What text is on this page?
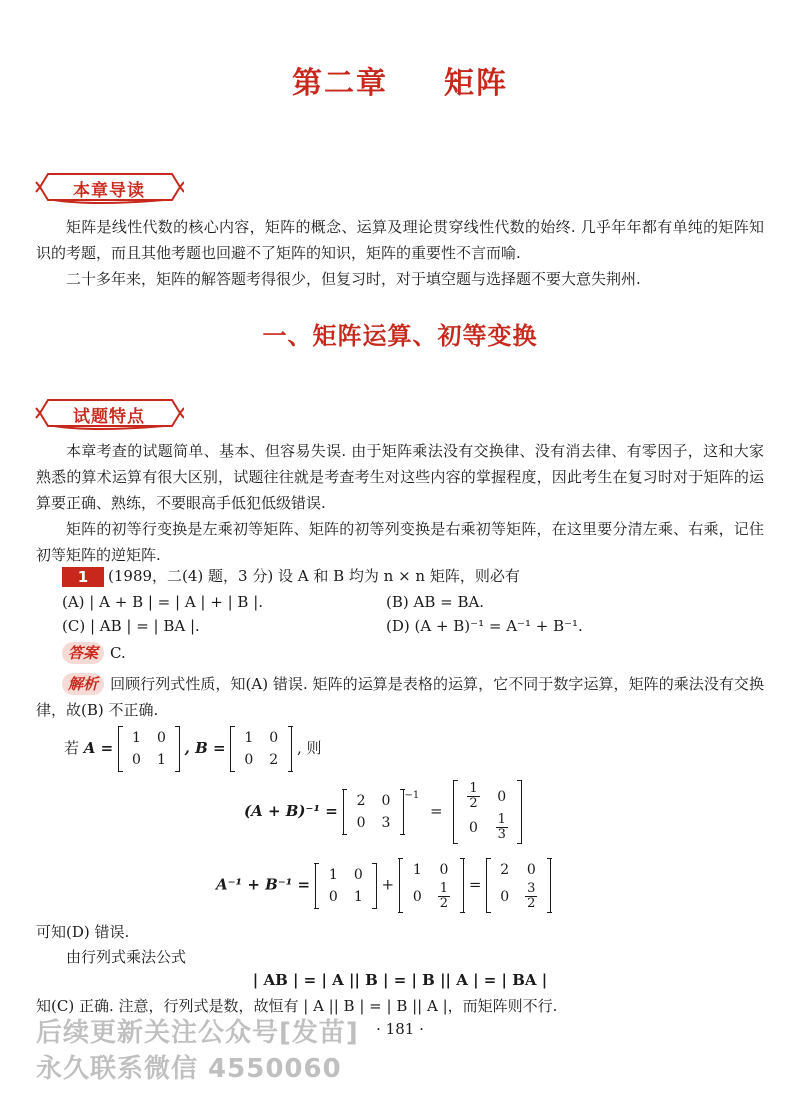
第二章 矩阵
本章导读
矩阵是线性代数的核心内容，矩阵的概念、运算及理论贯穿线性代数的始终. 几乎年年都有单纯的矩阵知识的考题，而且其他考题也回避不了矩阵的知识，矩阵的重要性不言而喻.
二十多年来，矩阵的解答题考得很少，但复习时，对于填空题与选择题不要大意失荆州.
一、矩阵运算、初等变换
试题特点
本章考查的试题简单、基本、但容易失误. 由于矩阵乘法没有交换律、没有消去律、有零因子，这和大家熟悉的算术运算有很大区别，试题往往就是考查考生对这些内容的掌握程度，因此考生在复习时对于矩阵的运算要正确、熟练，不要眼高手低犯低级错误.
矩阵的初等行变换是左乘初等矩阵、矩阵的初等列变换是右乘初等矩阵，在这里要分清左乘、右乘，记住初等矩阵的逆矩阵.
1 (1989，二(4) 题，3 分) 设 A 和 B 均为 n × n 矩阵，则必有
(A) | A + B | = | A | + | B |.	(B) AB = BA.
(C) | AB | = | BA |.	(D) (A + B)⁻¹ = A⁻¹ + B⁻¹.
答案 C.
解析 回顾行列式性质，知(A) 错误. 矩阵的运算是表格的运算，它不同于数字运算，矩阵的乘法没有交换律，故(B) 不正确.
若 A =
1	0
0	1
, B =
1	0
0	2
, 则
(A + B)⁻¹ =
2	0
0	3
$^{-1} = \frac{1}{2}$	0
0	$\frac{1}{3}$
A⁻¹ + B⁻¹ =
1	0
0	1
+
1	0
0	$\frac{1}{2}$ =
2	0
0	$\frac{3}{2}$
可知(D) 错误.
由行列式乘法公式
| AB | = | A || B | = | B || A | = | BA |
知(C) 正确. 注意，行列式是数，故恒有 | A || B | = | B || A |，而矩阵则不行.
· 181 ·
后续更新关注公众号[发苗]
永久联系微信 4550060
